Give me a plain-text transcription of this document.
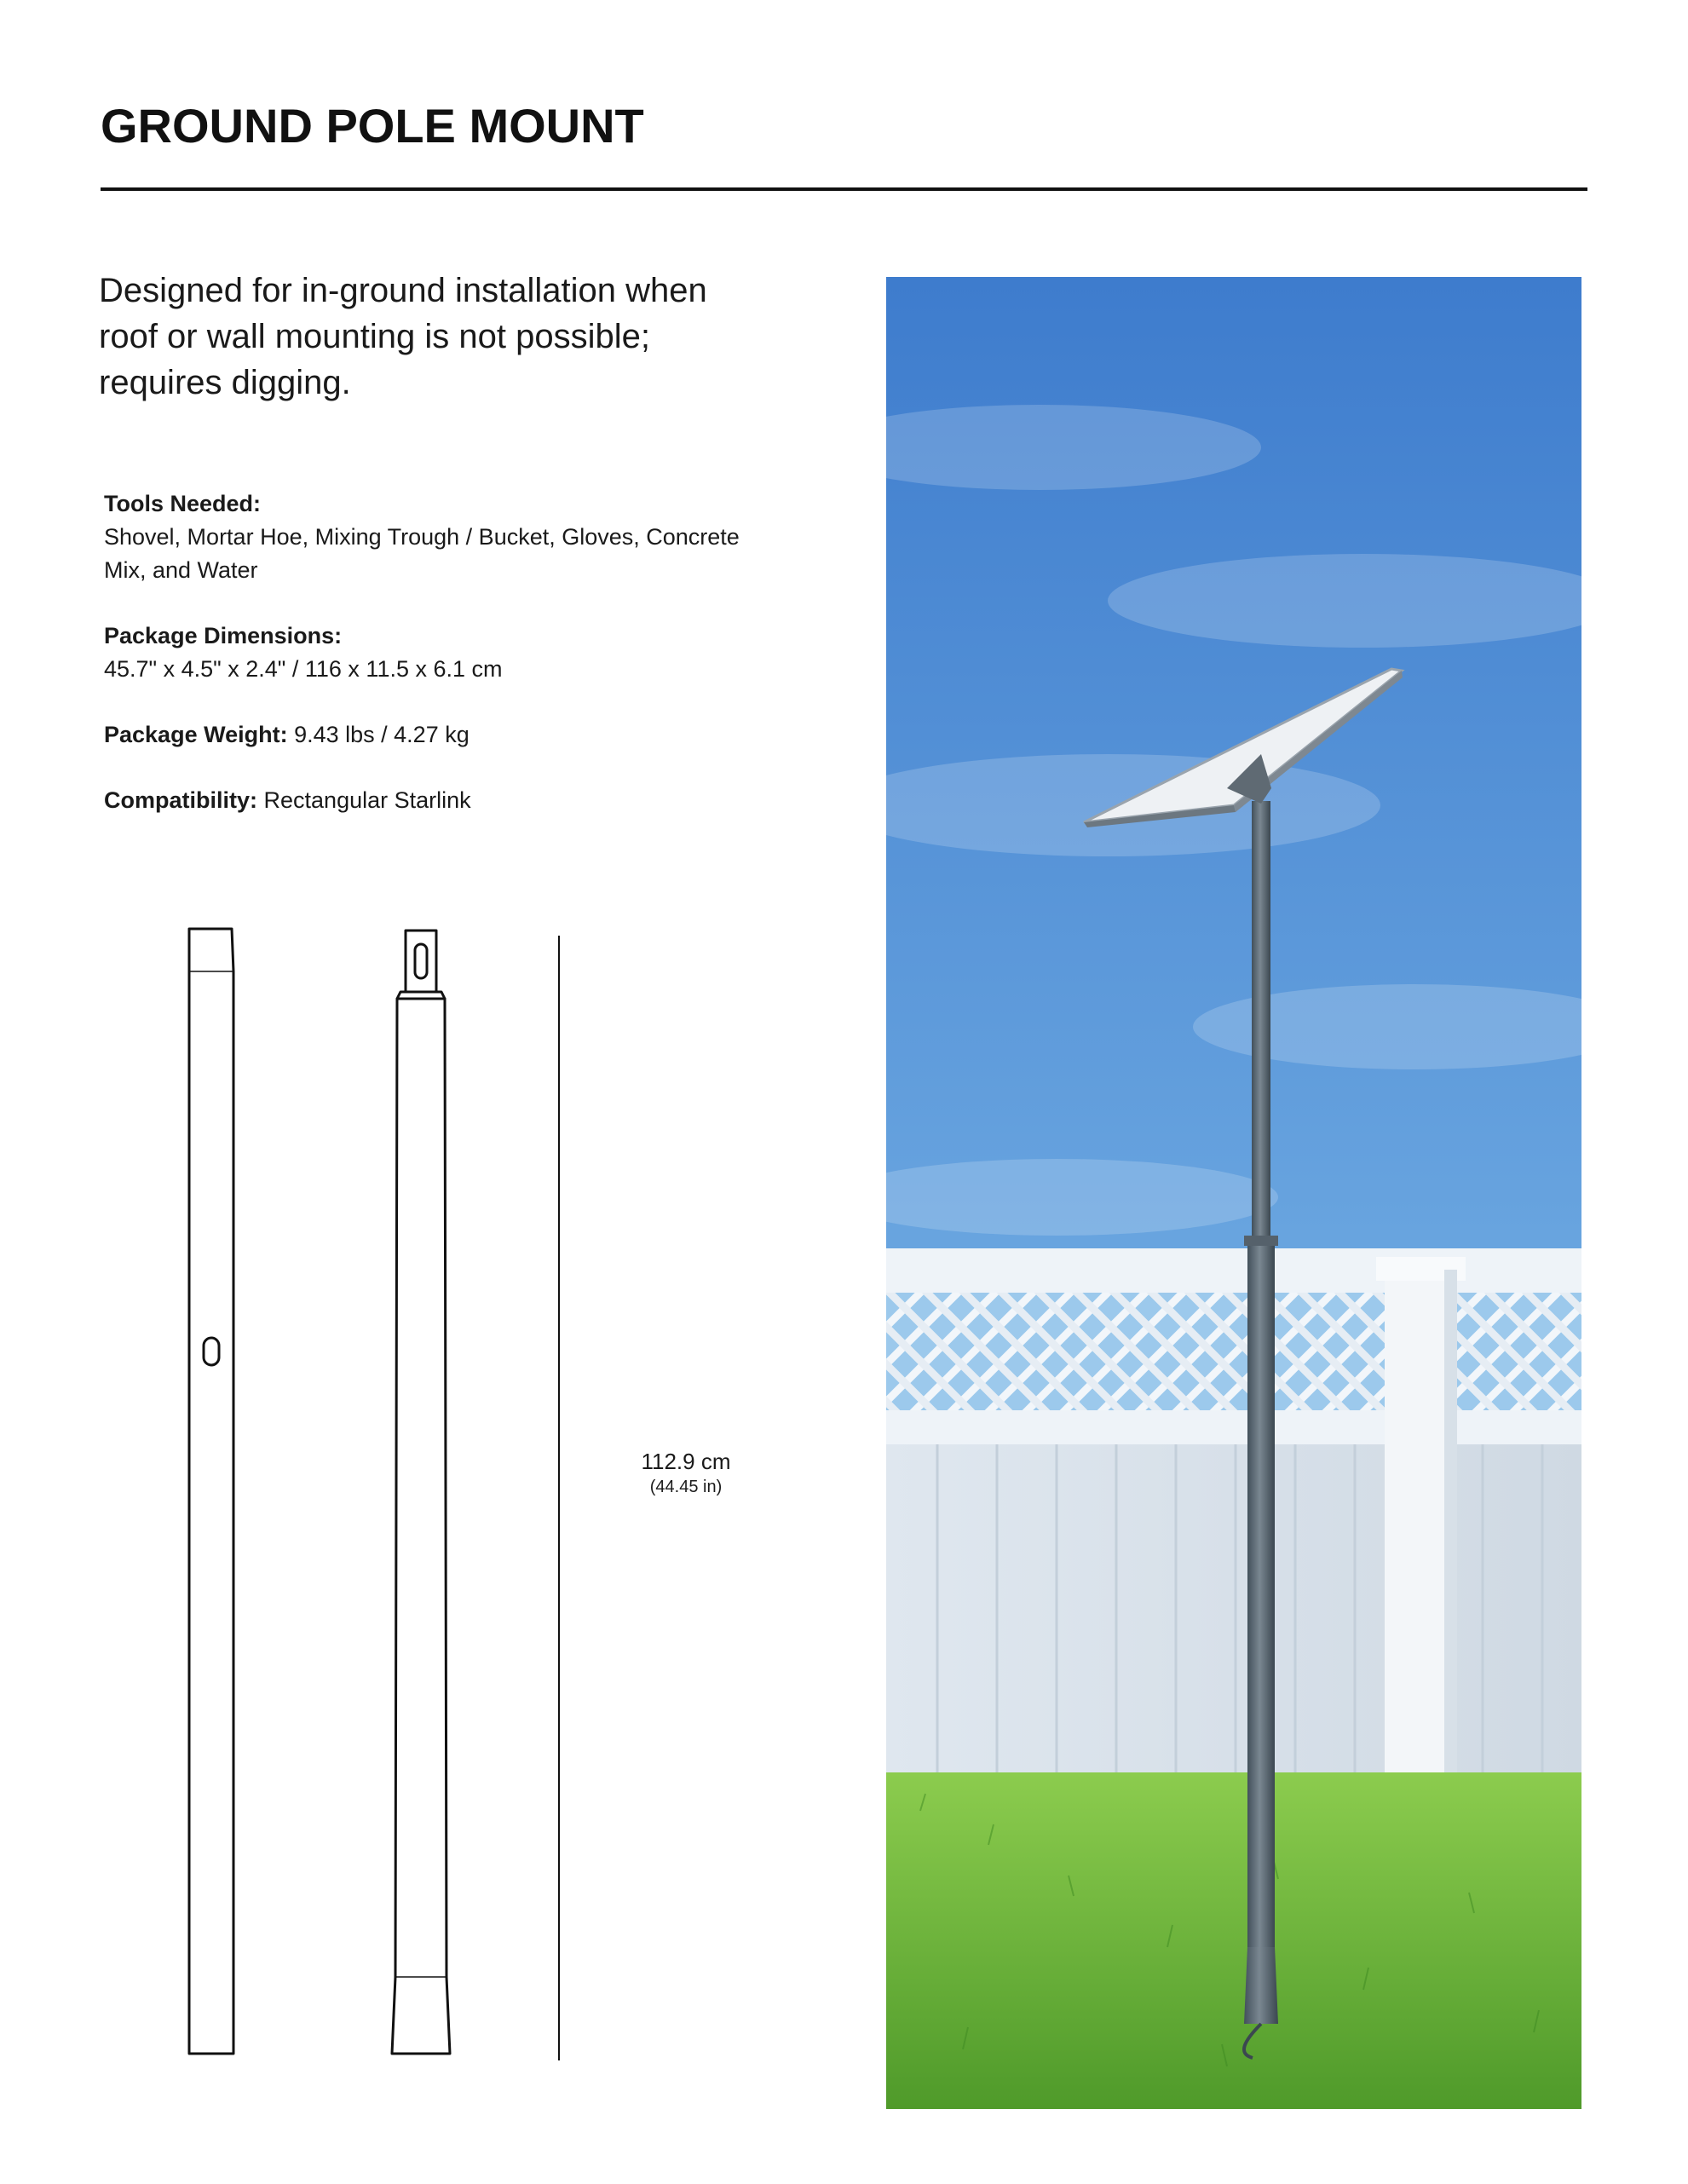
GROUND POLE MOUNT
Designed for in-ground installation when roof or wall mounting is not possible; requires digging.
Tools Needed:
Shovel, Mortar Hoe, Mixing Trough / Bucket, Gloves, Concrete Mix, and Water
Package Dimensions:
45.7" x 4.5" x 2.4" / 116 x 11.5 x 6.1 cm
Package Weight: 9.43 lbs / 4.27 kg
Compatibility: Rectangular Starlink
112.9 cm
(44.45 in)
